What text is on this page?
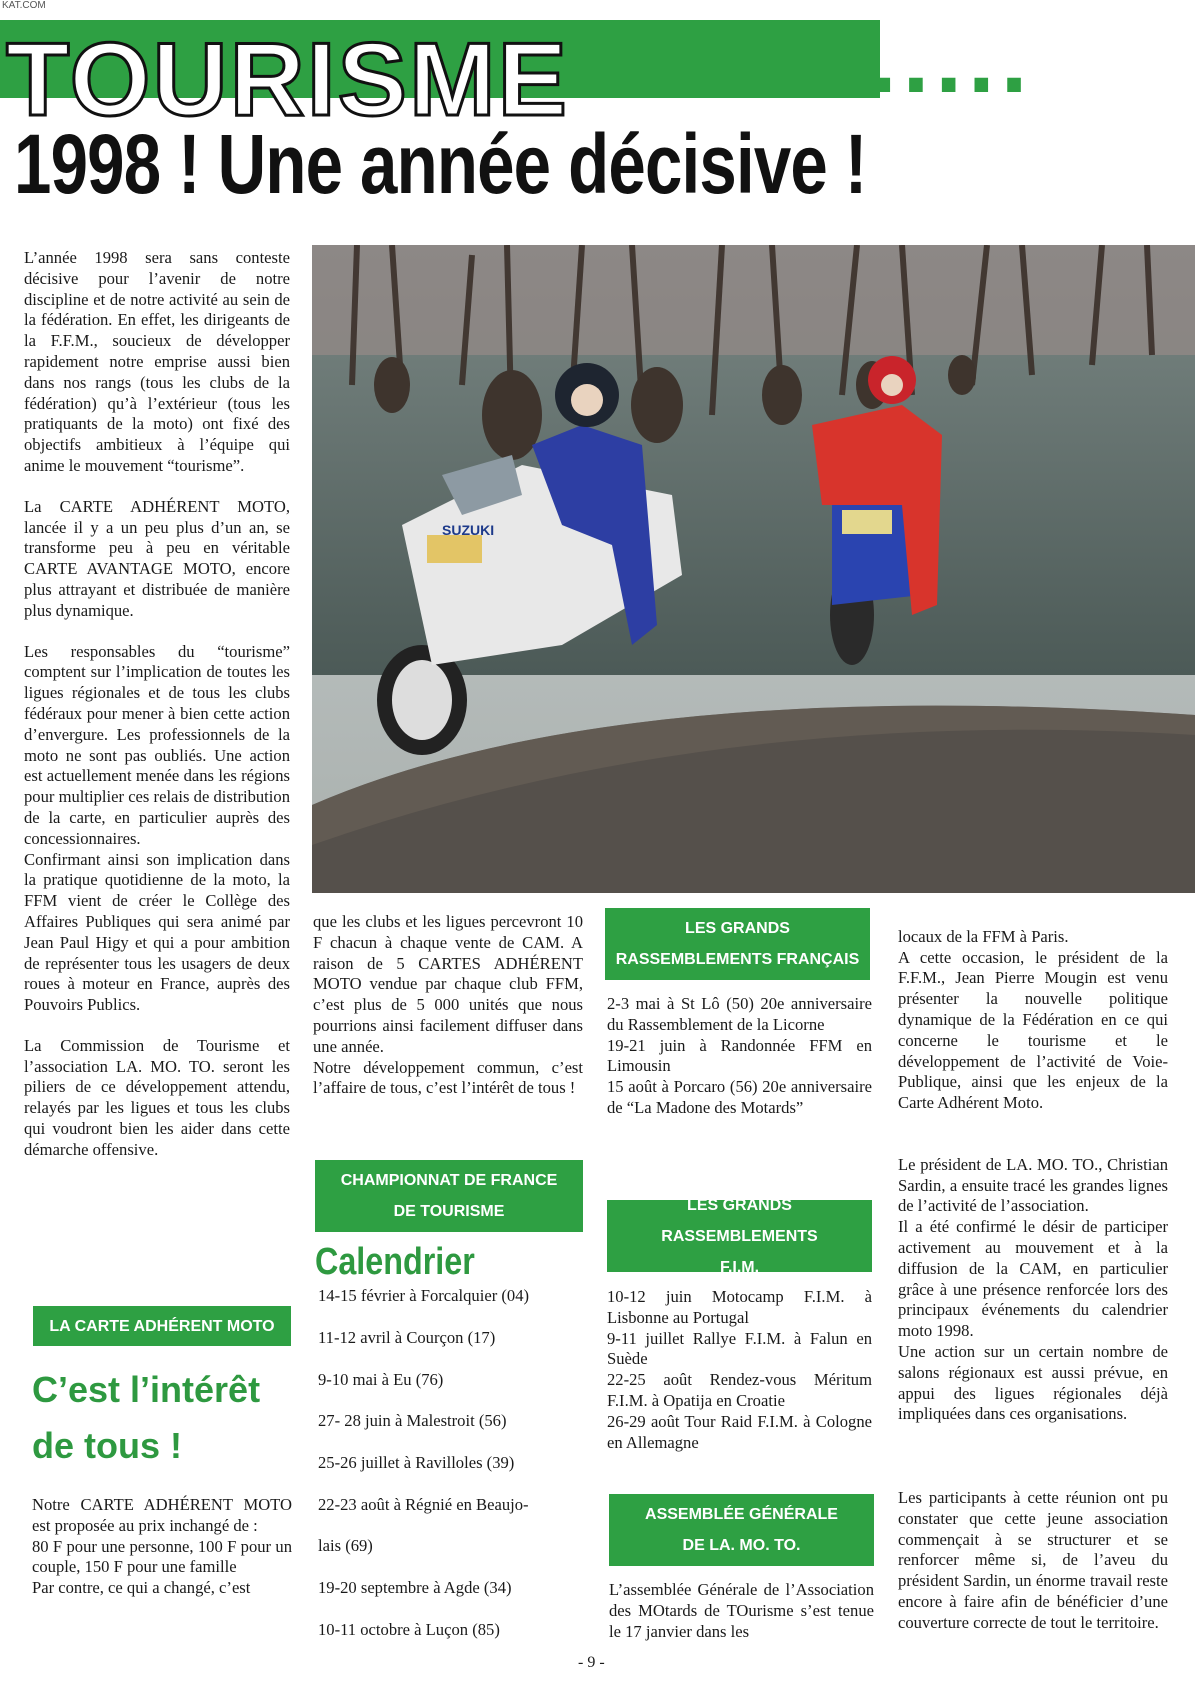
KAT.COM
TOURISME	.....
1998 ! Une année décisive !
SUZUKI

L’année 1998 sera sans conteste décisive pour l’avenir de notre discipline et de notre activité au sein de la fédération. En effet, les dirigeants de la F.F.M., soucieux de développer rapidement notre emprise aussi bien dans nos rangs (tous les clubs de la fédération) qu’à l’extérieur (tous les pratiquants de la moto) ont fixé des objectifs ambitieux à l’équipe qui anime le mouvement “tourisme”.

La CARTE ADHÉRENT MOTO, lancée il y a un peu plus d’un an, se transforme peu à peu en véritable CARTE AVANTAGE MOTO, encore plus attrayant et distribuée de manière plus dynamique.

Les responsables du “tourisme” comptent sur l’implication de toutes les ligues régionales et de tous les clubs fédéraux pour mener à bien cette action d’envergure. Les professionnels de la moto ne sont pas oubliés. Une action est actuellement menée dans les régions pour multiplier ces relais de distribution de la carte, en particulier auprès des concessionnaires.

Confirmant ainsi son implication dans la pratique quotidienne de la moto, la FFM vient de créer le Collège des Affaires Publiques qui sera animé par Jean Paul Higy et qui a pour ambition de représenter tous les usagers de deux roues à moteur en France, auprès des Pouvoirs Publics.

La Commission de Tourisme et l’association LA. MO. TO. seront les piliers de ce développement attendu, relayés par les ligues et tous les clubs qui voudront bien les aider dans cette démarche offensive.

LA CARTE ADHÉRENT MOTO
C’est l’intérêt
de tous !
Notre CARTE ADHÉRENT MOTO est proposée au prix inchangé de :
80 F pour une personne, 100 F pour un couple, 150 F pour une famille
Par contre, ce qui a changé, c’est
que les clubs et les ligues percevront 10 F chacun à chaque vente de CAM. A raison de 5 CARTES ADHÉRENT MOTO vendue par chaque club FFM, c’est plus de 5 000 unités que nous pourrions ainsi facilement diffuser dans une année.
Notre développement commun, c’est l’affaire de tous, c’est l’intérêt de tous !
CHAMPIONNAT DE FRANCE
DE TOURISME
Calendrier
14-15 février à Forcalquier (04)
11-12 avril à Courçon (17)
9-10 mai à Eu (76)
27- 28 juin à Malestroit (56)
25-26 juillet à Ravilloles (39)
22-23 août à Régnié en Beaujo-
lais (69)
19-20 septembre à Agde (34)
10-11 octobre à Luçon (85)
LES GRANDS
RASSEMBLEMENTS FRANÇAIS
2-3 mai à St Lô (50) 20e anniversaire du Rassemblement de la Licorne
19-21 juin à Randonnée FFM en Limousin
15 août à Porcaro (56) 20e anniversaire de “La Madone des Motards”
LES GRANDS RASSEMBLEMENTS
F.I.M.
10-12 juin Motocamp F.I.M. à Lisbonne au Portugal
9-11 juillet Rallye F.I.M. à Falun en Suède
22-25 août Rendez-vous Méritum F.I.M. à Opatija en Croatie
26-29 août Tour Raid F.I.M. à Cologne en Allemagne
ASSEMBLÉE GÉNÉRALE
DE LA. MO. TO.
L’assemblée Générale de l’Association des MOtards de TOurisme s’est tenue le 17 janvier dans les

locaux de la FFM à Paris.
A cette occasion, le président de la F.F.M., Jean Pierre Mougin est venu présenter la nouvelle politique dynamique de la Fédération en ce qui concerne le tourisme et le développement de l’activité de Voie-Publique, ainsi que les enjeux de la Carte Adhérent Moto.

Le président de LA. MO. TO., Christian Sardin, a ensuite tracé les grandes lignes de l’activité de l’association.
Il a été confirmé le désir de participer activement au mouvement et à la diffusion de la CAM, en particulier grâce à une présence renforcée lors des principaux événements du calendrier moto 1998.
Une action sur un certain nombre de salons régionaux est aussi prévue, en appui des ligues régionales déjà impliquées dans ces organisations.

Les participants à cette réunion ont pu constater que cette jeune association commençait à se structurer et se renforcer même si, de l’aveu du président Sardin, un énorme travail reste encore à faire afin de bénéficier d’une couverture correcte de tout le territoire.

- 9 -
